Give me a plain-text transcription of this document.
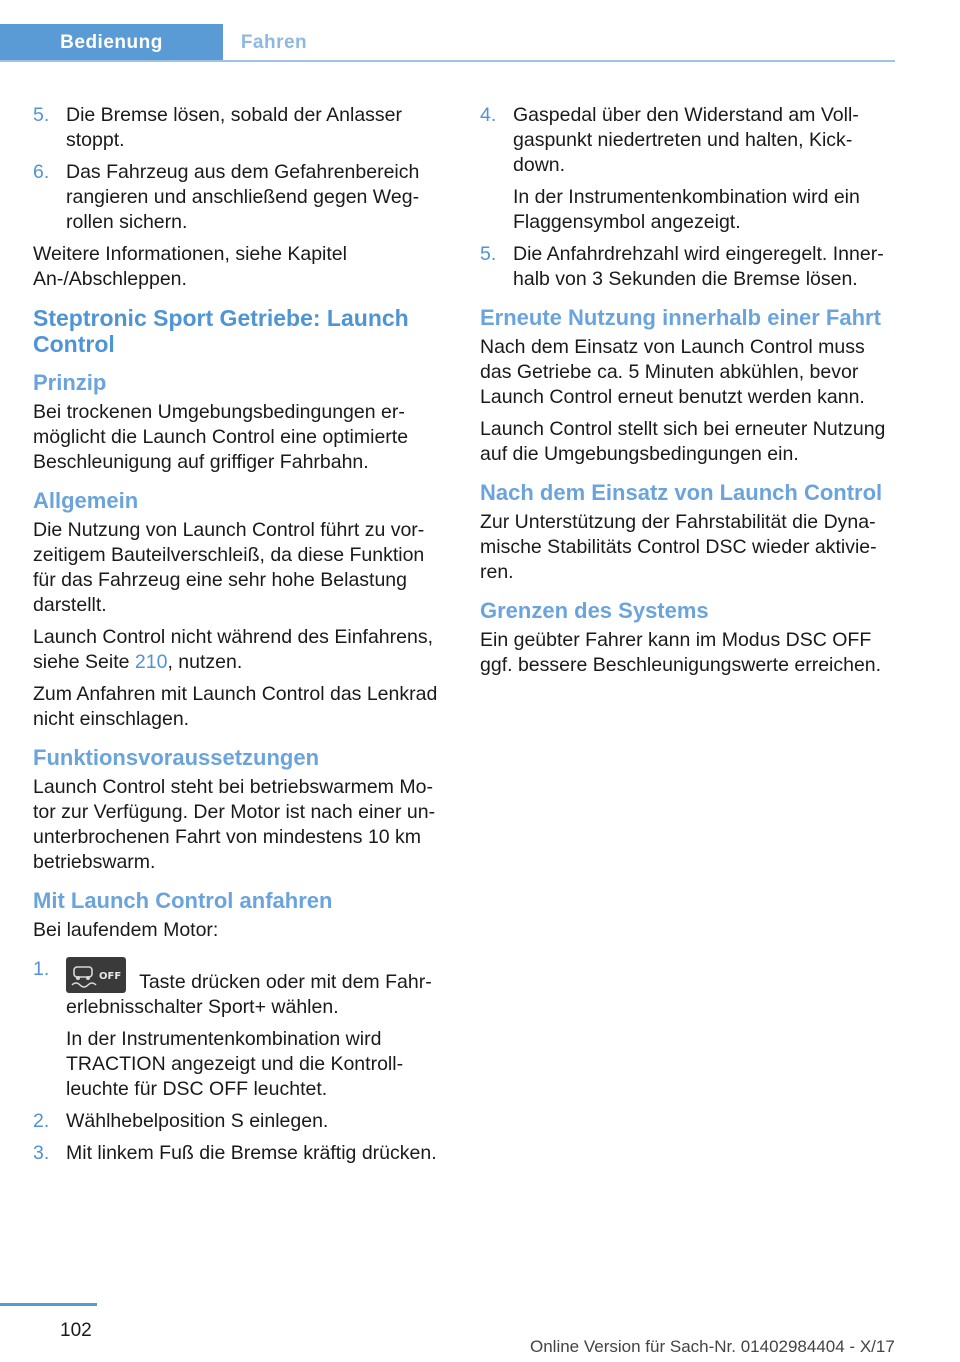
Bedienung	Fahren
5. Die Bremse lösen, sobald der Anlasser stoppt.

6. Das Fahrzeug aus dem Gefahrenbereich rangieren und anschließend gegen Wegrollen sichern.

Weitere Informationen, siehe Kapitel An-/Abschleppen.

Steptronic Sport Getriebe: Launch Control
Prinzip

Bei trockenen Umgebungsbedingungen ermöglicht die Launch Control eine optimierte Beschleunigung auf griffiger Fahrbahn.

Allgemein

Die Nutzung von Launch Control führt zu vorzeitigem Bauteilverschleiß, da diese Funktion für das Fahrzeug eine sehr hohe Belastung darstellt.

Launch Control nicht während des Einfahrens, siehe Seite 210, nutzen.

Zum Anfahren mit Launch Control das Lenkrad nicht einschlagen.

Funktionsvoraussetzungen

Launch Control steht bei betriebswarmem Motor zur Verfügung. Der Motor ist nach einer ununterbrochenen Fahrt von mindestens 10 km betriebswarm.

Mit Launch Control anfahren

Bei laufendem Motor:

1.	OFF Taste drücken oder mit dem Fahrerlebnisschalter Sport+ wählen.

In der Instrumentenkombination wird TRACTION angezeigt und die Kontrollleuchte für DSC OFF leuchtet.

2. Wählhebelposition S einlegen.

3. Mit linkem Fuß die Bremse kräftig drücken.

4. Gaspedal über den Widerstand am Vollgaspunkt niedertreten und halten, Kickdown.

In der Instrumentenkombination wird ein Flaggensymbol angezeigt.

5. Die Anfahrdrehzahl wird eingeregelt. Innerhalb von 3 Sekunden die Bremse lösen.

Erneute Nutzung innerhalb einer Fahrt

Nach dem Einsatz von Launch Control muss das Getriebe ca. 5 Minuten abkühlen, bevor Launch Control erneut benutzt werden kann.

Launch Control stellt sich bei erneuter Nutzung auf die Umgebungsbedingungen ein.

Nach dem Einsatz von Launch Control

Zur Unterstützung der Fahrstabilität die Dynamische Stabilitäts Control DSC wieder aktivieren.

Grenzen des Systems

Ein geübter Fahrer kann im Modus DSC OFF ggf. bessere Beschleunigungswerte erreichen.

102
Online Version für Sach-Nr. 01402984404 - X/17
